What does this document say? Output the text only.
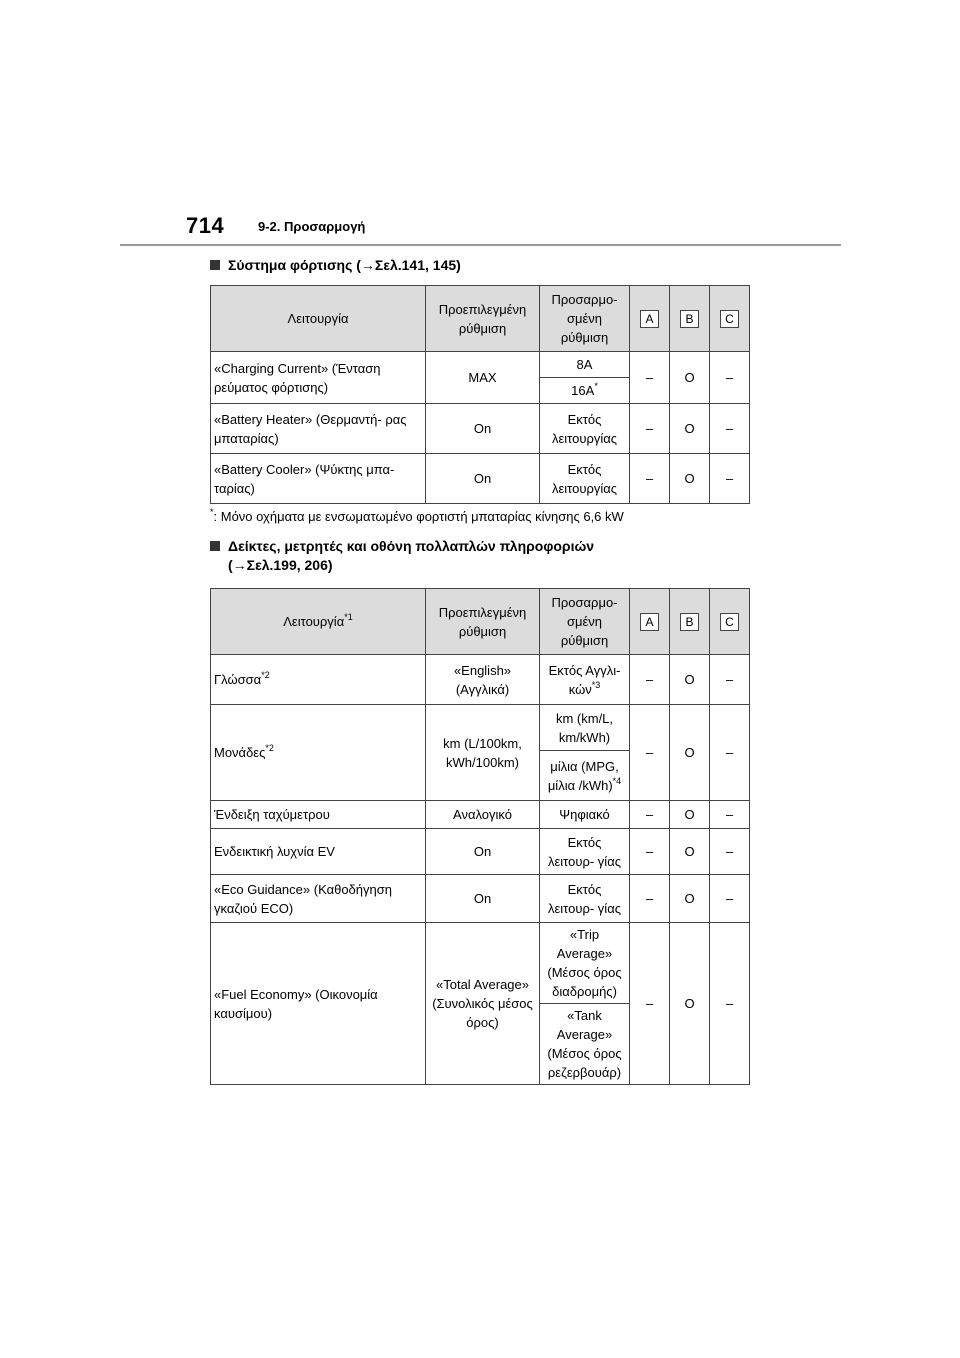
714	9-2. Προσαρμογή
Σύστημα φόρτισης (→Σελ.141, 145)
Λειτουργία	Προεπιλεγμένη ρύθμιση	Προσαρμο- σμένη ρύθμιση	A	B	C
«Charging Current» (Ένταση ρεύματος φόρτισης)	MAX	8A	–	O	–
		16A*
«Battery Heater» (Θερμαντή- ρας μπαταρίας)	On	Εκτός λειτουργίας	–	O	–
«Battery Cooler» (Ψύκτης μπα- ταρίας)	On	Εκτός λειτουργίας	–	O	–
*: Μόνο οχήματα με ενσωματωμένο φορτιστή μπαταρίας κίνησης 6,6 kW
Δείκτες, μετρητές και οθόνη πολλαπλών πληροφοριών
(→Σελ.199, 206)
Λειτουργία$^{*1}$	Προεπιλεγμένη ρύθμιση	Προσαρμο- σμένη ρύθμιση	A	B	C
Γλώσσα$^{*2}$	«English» (Αγγλικά)	Εκτός Αγγλι- κών$^{*3}$	–	O	–
Μονάδες$^{*2}$	km (L/100km, kWh/100km)	km (km/L, km/kWh)	–	O	–
		μίλια (MPG, μίλια /kWh)$^{*4}$
Ένδειξη ταχύμετρου	Αναλογικό	Ψηφιακό	–	O	–
Ενδεικτική λυχνία EV	On	Εκτός λειτουρ- γίας	–	O	–
«Eco Guidance» (Καθοδήγηση γκαζιού ECO)	On	Εκτός λειτουρ- γίας	–	O	–
«Fuel Economy» (Οικονομία καυσίμου)	«Total Average» (Συνολικός μέσος όρος)	«Trip Average» (Μέσος όρος διαδρομής)	–	O	–
		«Tank Average» (Μέσος όρος ρεζερβουάρ)			
